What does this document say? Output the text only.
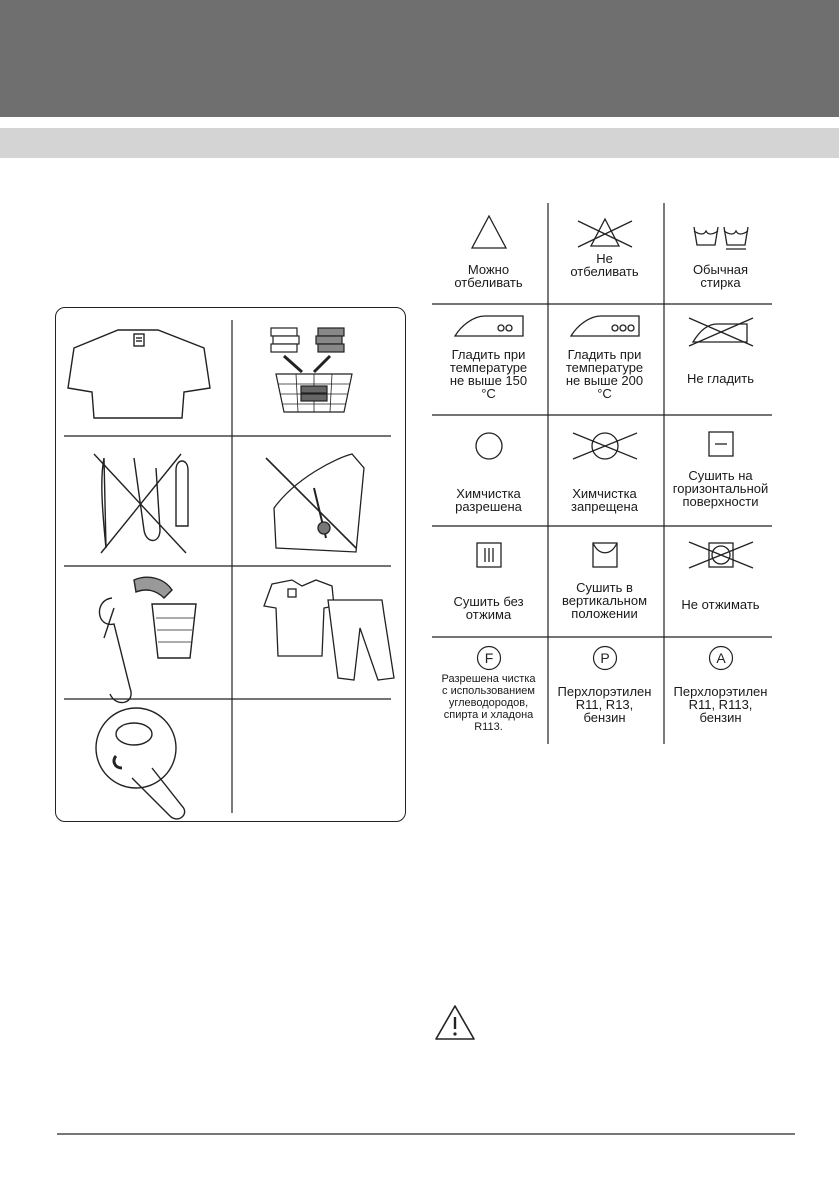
Можно
отбеливать
Не
отбеливать	Обычная
стирка
Гладить при
температуре
не выше 150
°C
Гладить при
температуре
не выше 200
°C
Не гладить
Химчистка
разрешена
Химчистка
запрещена
Сушить на
горизонтальной
поверхности
Сушить без
отжима
Сушить в
вертикальном
положении
Не отжимать
F
Разрешена чистка
с использованием
углеводородов,
спирта и хладона
R113.
P
Перхлорэтилен
R11, R13,
бензин
A
Перхлорэтилен
R11, R113,
бензин
